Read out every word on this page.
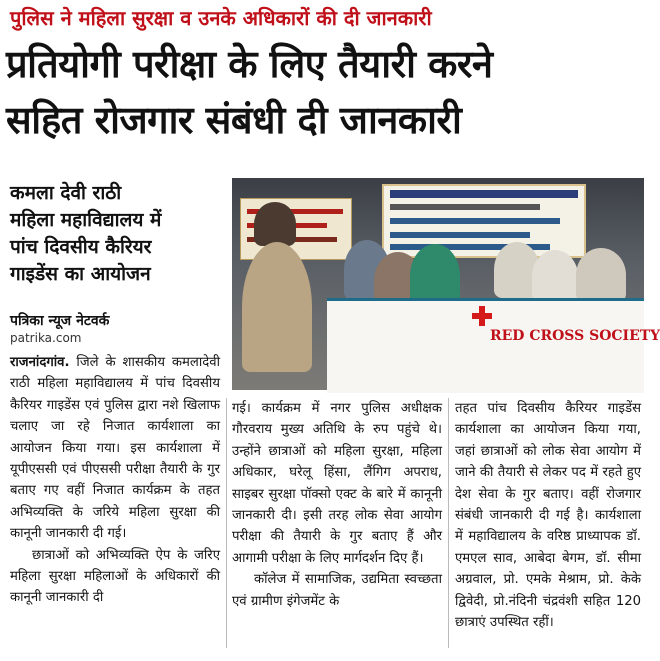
पुलिस ने महिला सुरक्षा व उनके अधिकारों की दी जानकारी
प्रतियोगी परीक्षा के लिए तैयारी करने
सहित रोजगार संबंधी दी जानकारी
कमला देवी राठी
महिला महाविद्यालय में
पांच दिवसीय कैरियर
गाइडेंस का आयोजन
पत्रिका न्यूज नेटवर्क
patrika.com	RED CROSS SOCIETY

राजनांदगांव. जिले के शासकीय कमलादेवी राठी महिला महाविद्यालय में पांच दिवसीय कैरियर गाइडेंस एवं पुलिस द्वारा नशे खिलाफ चलाए जा रहे निजात कार्यशाला का आयोजन किया गया। इस कार्यशाला में यूपीएससी एवं पीएससी परीक्षा तैयारी के गुर बताए गए वहीं निजात कार्यक्रम के तहत अभिव्यक्ति के जरिये महिला सुरक्षा की कानूनी जानकारी दी गई।

छात्राओं को अभिव्यक्ति ऐप के जरिए महिला सुरक्षा महिलाओं के अधिकारों की कानूनी जानकारी दी

गई। कार्यक्रम में नगर पुलिस अधीक्षक गौरवराय मुख्य अतिथि के रुप पहुंचे थे। उन्होंने छात्राओं को महिला सुरक्षा, महिला अधिकार, घरेलू हिंसा, लैंगिग अपराध, साइबर सुरक्षा पॉक्सो एक्ट के बारे में कानूनी जानकारी दी। इसी तरह लोक सेवा आयोग परीक्षा की तैयारी के गुर बताए हैं और आगामी परीक्षा के लिए मार्गदर्शन दिए हैं।

कॉलेज में सामाजिक, उद्यमिता स्वच्छता एवं ग्रामीण इंगेजमेंट के

तहत पांच दिवसीय कैरियर गाइडेंस कार्यशाला का आयोजन किया गया, जहां छात्राओं को लोक सेवा आयोग में जाने की तैयारी से लेकर पद में रहते हुए देश सेवा के गुर बताए। वहीं रोजगार संबंधी जानकारी दी गई है। कार्यशाला में महाविद्यालय के वरिष्ठ प्राध्यापक डॉ. एमएल साव, आबेदा बेगम, डॉ. सीमा अग्रवाल, प्रो. एमके मेश्राम, प्रो. केके द्विवेदी, प्रो.नंदिनी चंद्रवंशी सहित 120 छात्राएं उपस्थित रहीं।
